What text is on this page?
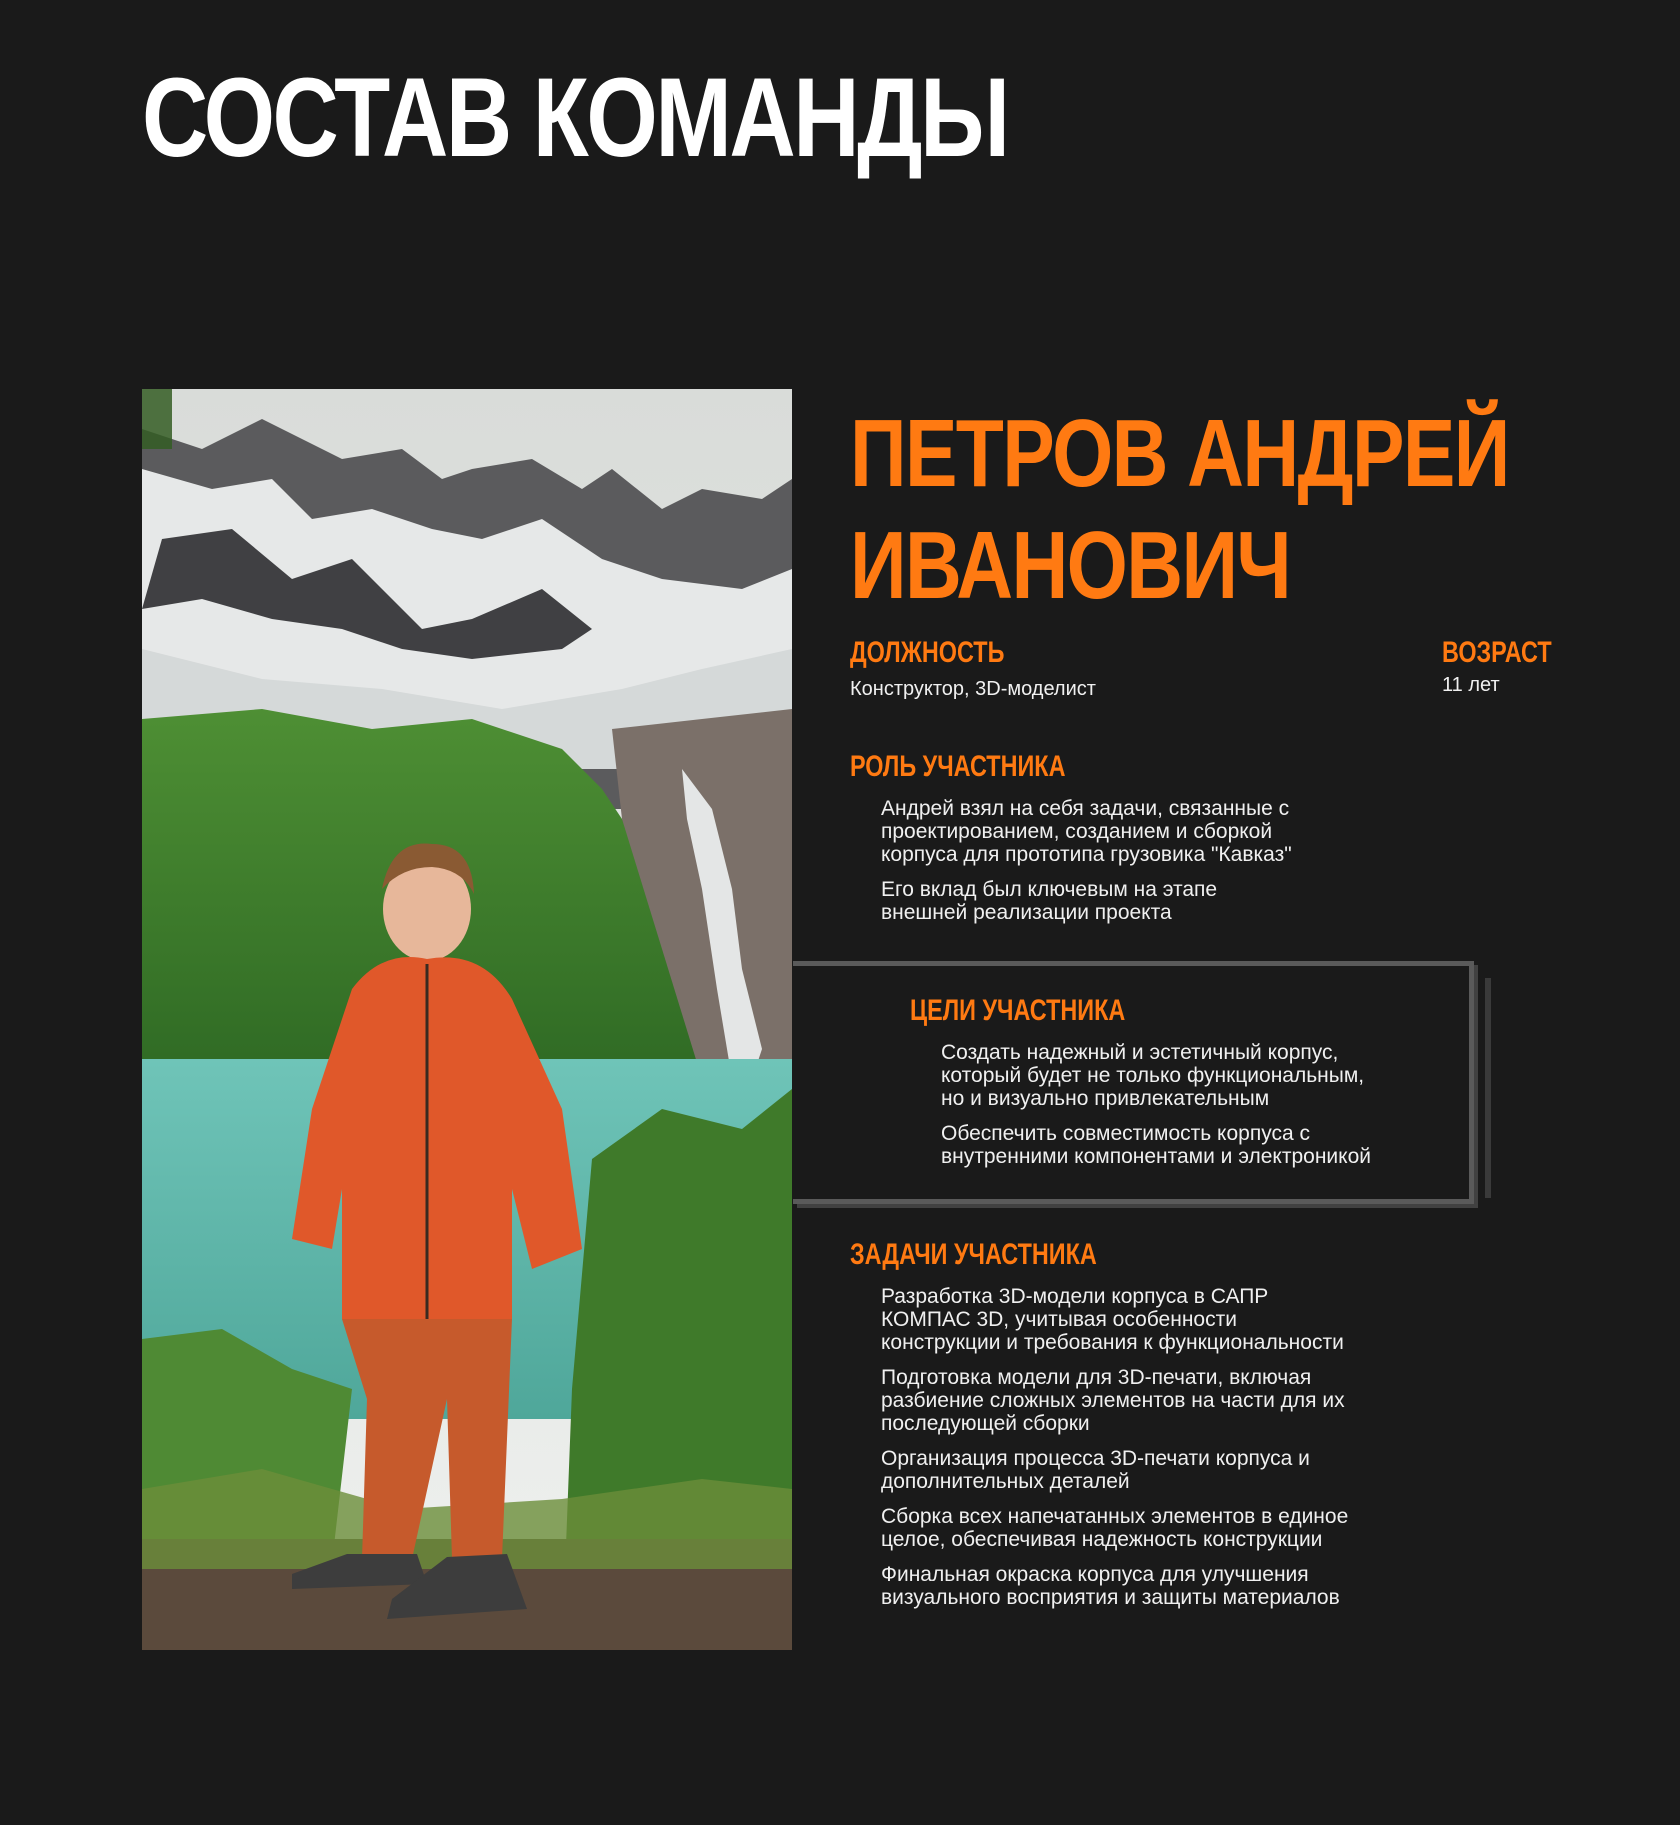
СОСТАВ КОМАНДЫ
ПЕТРОВ АНДРЕЙ
ИВАНОВИЧ

ДОЛЖНОСТЬ

Конструктор, 3D-моделист

ВОЗРАСТ

11 лет

РОЛЬ УЧАСТНИКА

Андрей взял на себя задачи, связанные с
проектированием, созданием и сборкой
корпуса для прототипа грузовика "Кавказ"
Его вклад был ключевым на этапе
внешней реализации проекта

ЦЕЛИ УЧАСТНИКА

Создать надежный и эстетичный корпус,
который будет не только функциональным,
но и визуально привлекательным
Обеспечить совместимость корпуса с
внутренними компонентами и электроникой

ЗАДАЧИ УЧАСТНИКА

Разработка 3D-модели корпуса в САПР
КОМПАС 3D, учитывая особенности
конструкции и требования к функциональности
Подготовка модели для 3D-печати, включая
разбиение сложных элементов на части для их
последующей сборки
Организация процесса 3D-печати корпуса и
дополнительных деталей
Сборка всех напечатанных элементов в единое
целое, обеспечивая надежность конструкции
Финальная окраска корпуса для улучшения
визуального восприятия и защиты материалов
